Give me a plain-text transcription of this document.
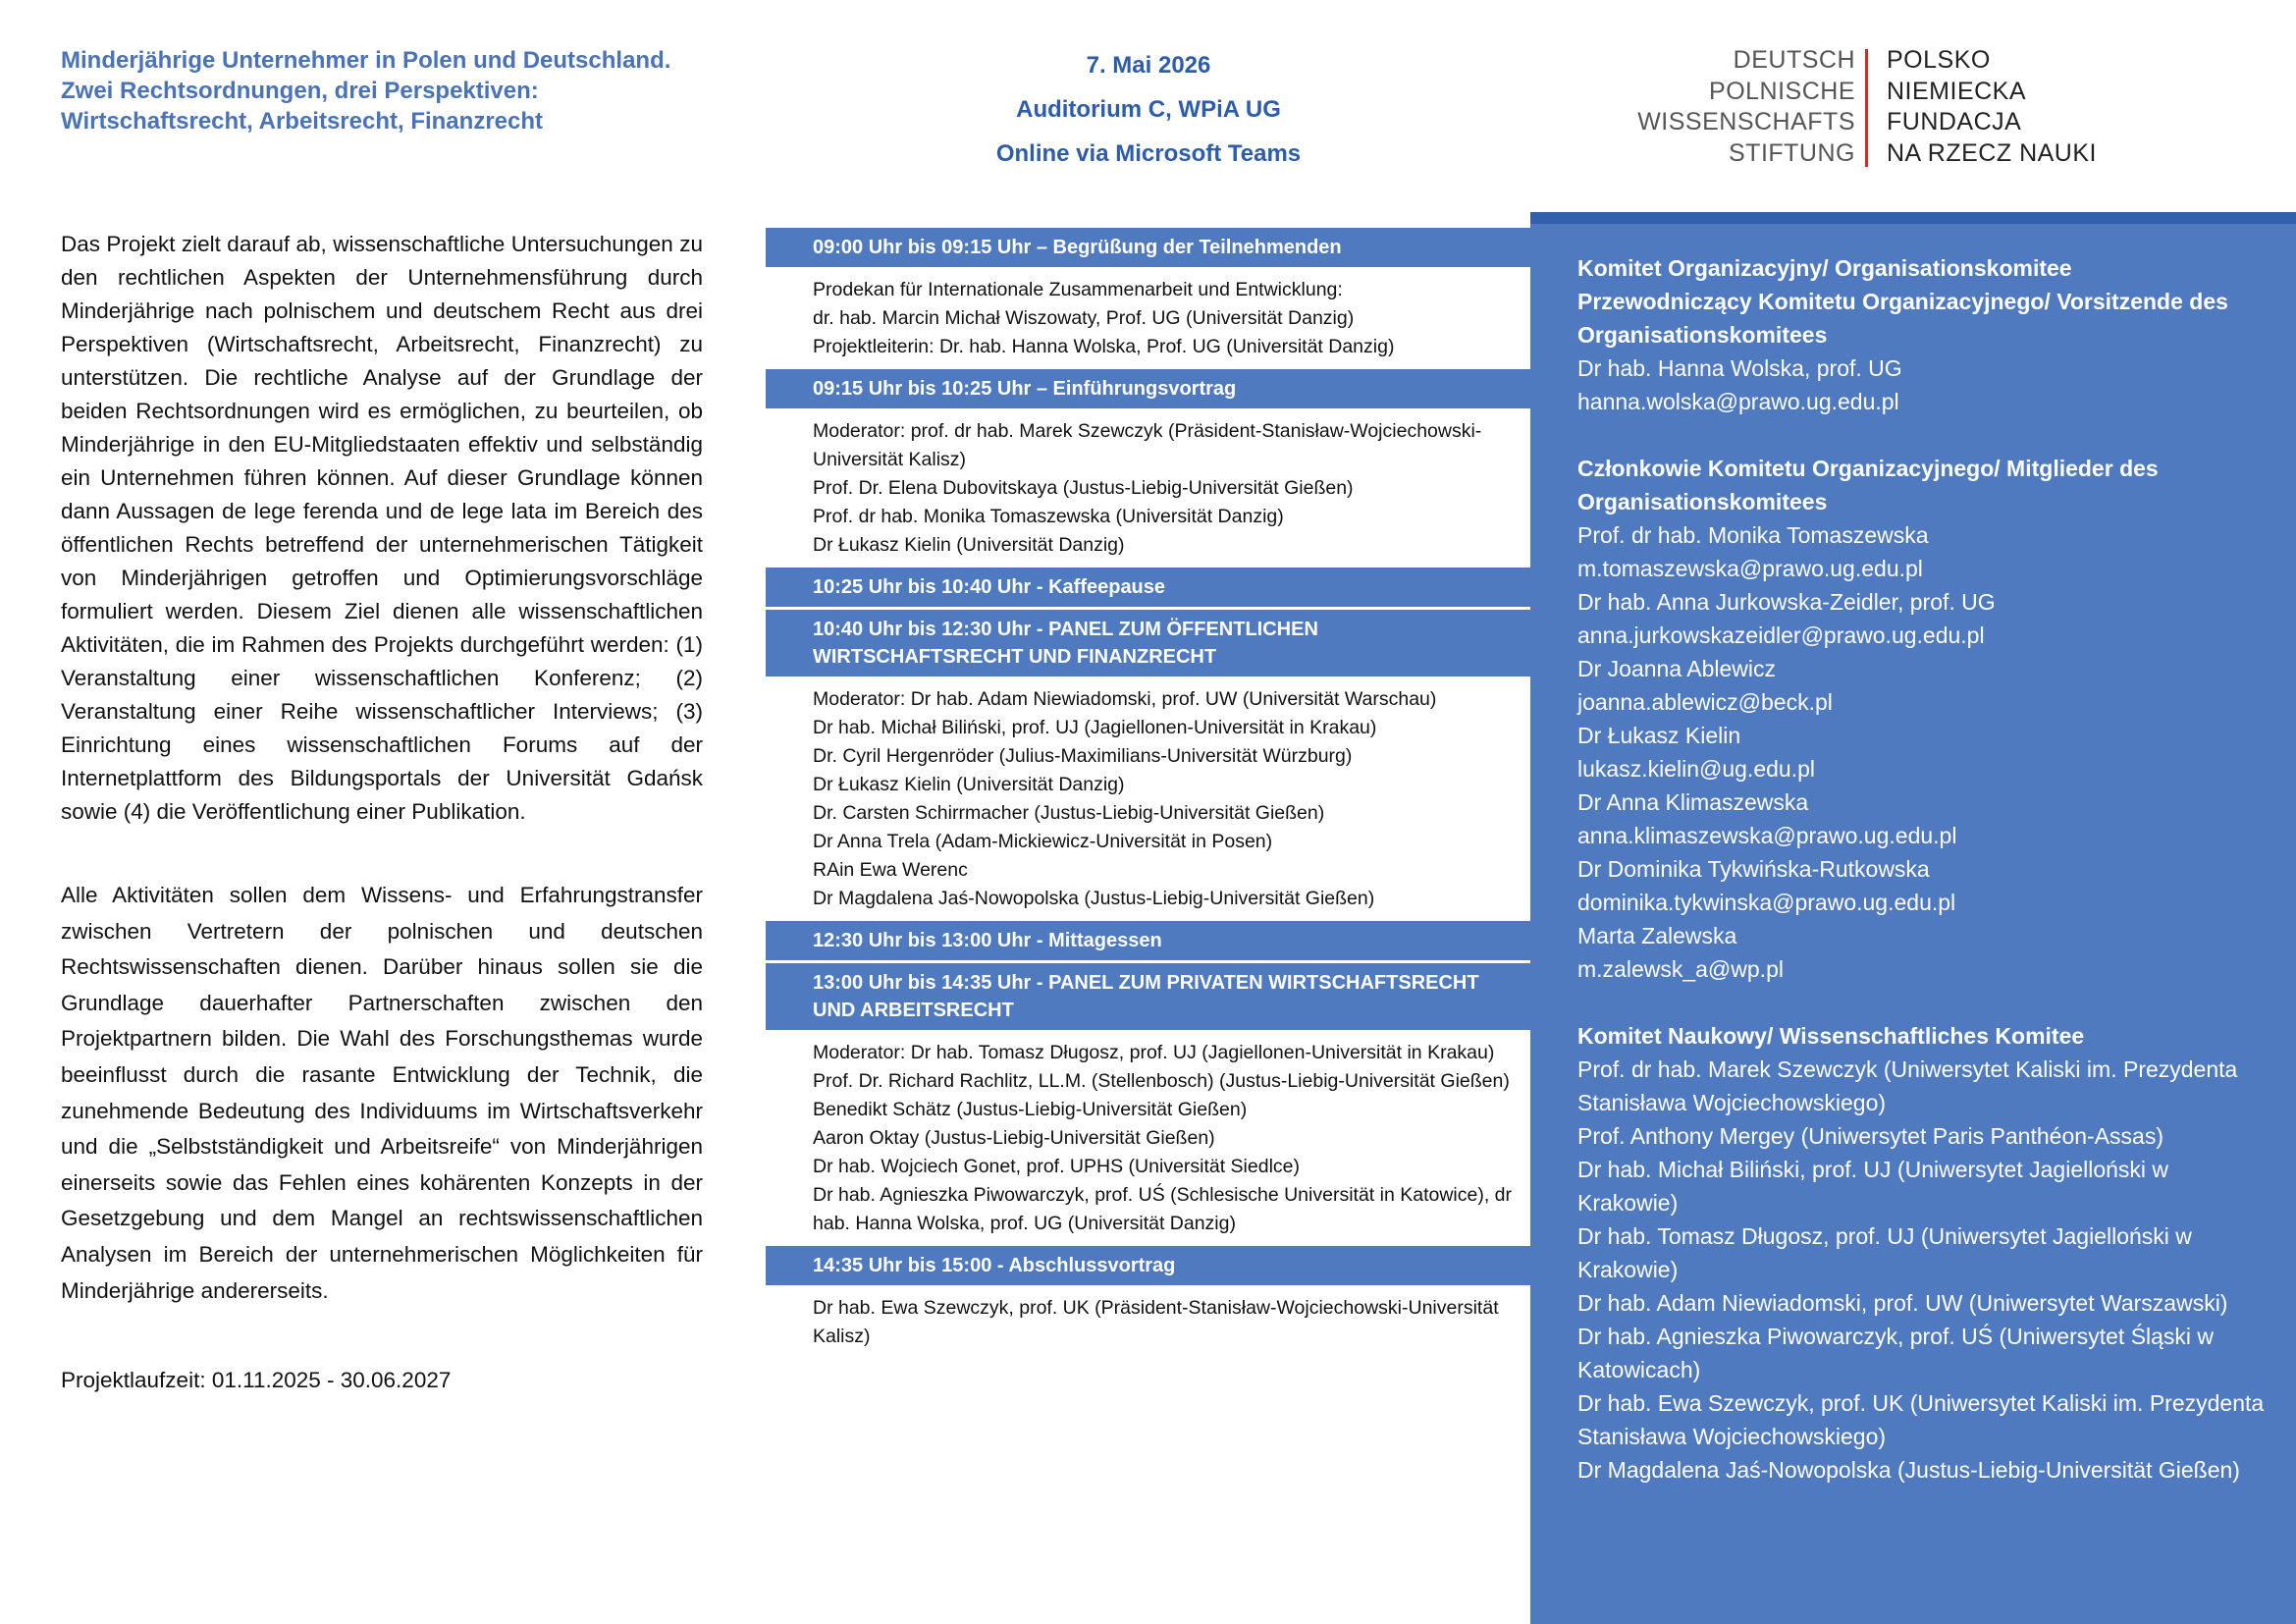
Minderjährige Unternehmer in Polen und Deutschland.
Zwei Rechtsordnungen, drei Perspektiven:
Wirtschaftsrecht, Arbeitsrecht, Finanzrecht
7. Mai 2026
Auditorium C, WPiA UG
Online via Microsoft Teams
DEUTSCH
POLNISCHE
WISSENSCHAFTS
STIFTUNG
POLSKO
NIEMIECKA
FUNDACJA
NA RZECZ NAUKI

Das Projekt zielt darauf ab, wissenschaftliche Untersuchungen zu den rechtlichen Aspekten der Unternehmensführung durch Minderjährige nach polnischem und deutschem Recht aus drei Perspektiven (Wirtschaftsrecht, Arbeitsrecht, Finanzrecht) zu unterstützen. Die rechtliche Analyse auf der Grundlage der beiden Rechtsordnungen wird es ermöglichen, zu beurteilen, ob Minderjährige in den EU-Mitgliedstaaten effektiv und selbständig ein Unternehmen führen können. Auf dieser Grundlage können dann Aussagen de lege ferenda und de lege lata im Bereich des öffentlichen Rechts betreffend der unternehmerischen Tätigkeit von Minderjährigen getroffen und Optimierungsvorschläge formuliert werden. Diesem Ziel dienen alle wissenschaftlichen Aktivitäten, die im Rahmen des Projekts durchgeführt werden: (1) Veranstaltung einer wissenschaftlichen Konferenz; (2) Veranstaltung einer Reihe wissenschaftlicher Interviews; (3) Einrichtung eines wissenschaftlichen Forums auf der Internetplattform des Bildungsportals der Universität Gdańsk sowie (4) die Veröffentlichung einer Publikation.

Alle Aktivitäten sollen dem Wissens- und Erfahrungstransfer zwischen Vertretern der polnischen und deutschen Rechtswissenschaften dienen. Darüber hinaus sollen sie die Grundlage dauerhafter Partnerschaften zwischen den Projektpartnern bilden. Die Wahl des Forschungsthemas wurde beeinflusst durch die rasante Entwicklung der Technik, die zunehmende Bedeutung des Individuums im Wirtschaftsverkehr und die „Selbstständigkeit und Arbeitsreife“ von Minderjährigen einerseits sowie das Fehlen eines kohärenten Konzepts in der Gesetzgebung und dem Mangel an rechtswissenschaftlichen Analysen im Bereich der unternehmerischen Möglichkeiten für Minderjährige andererseits.

Projektlaufzeit: 01.11.2025 - 30.06.2027

09:00 Uhr bis 09:15 Uhr – Begrüßung der Teilnehmenden
Prodekan für Internationale Zusammenarbeit und Entwicklung:
dr. hab. Marcin Michał Wiszowaty, Prof. UG (Universität Danzig)
Projektleiterin: Dr. hab. Hanna Wolska, Prof. UG (Universität Danzig)
09:15 Uhr bis 10:25 Uhr – Einführungsvortrag
Moderator: prof. dr hab. Marek Szewczyk (Präsident-Stanisław-Wojciechowski-Universität Kalisz)
Prof. Dr. Elena Dubovitskaya (Justus-Liebig-Universität Gießen)
Prof. dr hab. Monika Tomaszewska (Universität Danzig)
Dr Łukasz Kielin (Universität Danzig)
10:25 Uhr bis 10:40 Uhr - Kaffeepause
10:40 Uhr bis 12:30 Uhr - PANEL ZUM ÖFFENTLICHEN WIRTSCHAFTSRECHT UND FINANZRECHT
Moderator: Dr hab. Adam Niewiadomski, prof. UW (Universität Warschau)
Dr hab. Michał Biliński, prof. UJ (Jagiellonen-Universität in Krakau)
Dr. Cyril Hergenröder (Julius-Maximilians-Universität Würzburg)
Dr Łukasz Kielin (Universität Danzig)
Dr. Carsten Schirrmacher (Justus-Liebig-Universität Gießen)
Dr Anna Trela (Adam-Mickiewicz-Universität in Posen)
RAin Ewa Werenc
Dr Magdalena Jaś-Nowopolska (Justus-Liebig-Universität Gießen)
12:30 Uhr bis 13:00 Uhr - Mittagessen
13:00 Uhr bis 14:35 Uhr - PANEL ZUM PRIVATEN WIRTSCHAFTSRECHT UND ARBEITSRECHT
Moderator: Dr hab. Tomasz Długosz, prof. UJ (Jagiellonen-Universität in Krakau)
Prof. Dr. Richard Rachlitz, LL.M. (Stellenbosch) (Justus-Liebig-Universität Gießen)
Benedikt Schätz (Justus-Liebig-Universität Gießen)
Aaron Oktay (Justus-Liebig-Universität Gießen)
Dr hab. Wojciech Gonet, prof. UPHS (Universität Siedlce)
Dr hab. Agnieszka Piwowarczyk, prof. UŚ (Schlesische Universität in Katowice), dr hab. Hanna Wolska, prof. UG (Universität Danzig)
14:35 Uhr bis 15:00 - Abschlussvortrag
Dr hab. Ewa Szewczyk, prof. UK (Präsident-Stanisław-Wojciechowski-Universität Kalisz)
Komitet Organizacyjny/ Organisationskomitee
Przewodniczący Komitetu Organizacyjnego/ Vorsitzende des Organisationskomitees
Dr hab. Hanna Wolska, prof. UG
hanna.wolska@prawo.ug.edu.pl
Członkowie Komitetu Organizacyjnego/ Mitglieder des Organisationskomitees
Prof. dr hab. Monika Tomaszewska
m.tomaszewska@prawo.ug.edu.pl
Dr hab. Anna Jurkowska-Zeidler, prof. UG
anna.jurkowskazeidler@prawo.ug.edu.pl
Dr Joanna Ablewicz
joanna.ablewicz@beck.pl
Dr Łukasz Kielin
lukasz.kielin@ug.edu.pl
Dr Anna Klimaszewska
anna.klimaszewska@prawo.ug.edu.pl
Dr Dominika Tykwińska-Rutkowska
dominika.tykwinska@prawo.ug.edu.pl
Marta Zalewska
m.zalewsk_a@wp.pl
Komitet Naukowy/ Wissenschaftliches Komitee
Prof. dr hab. Marek Szewczyk (Uniwersytet Kaliski im. Prezydenta Stanisława Wojciechowskiego)
Prof. Anthony Mergey (Uniwersytet Paris Panthéon-Assas)
Dr hab. Michał Biliński, prof. UJ (Uniwersytet Jagielloński w Krakowie)
Dr hab. Tomasz Długosz, prof. UJ (Uniwersytet Jagielloński w Krakowie)
Dr hab. Adam Niewiadomski, prof. UW (Uniwersytet Warszawski)
Dr hab. Agnieszka Piwowarczyk, prof. UŚ (Uniwersytet Śląski w Katowicach)
Dr hab. Ewa Szewczyk, prof. UK (Uniwersytet Kaliski im. Prezydenta Stanisława Wojciechowskiego)
Dr Magdalena Jaś-Nowopolska (Justus-Liebig-Universität Gießen)
